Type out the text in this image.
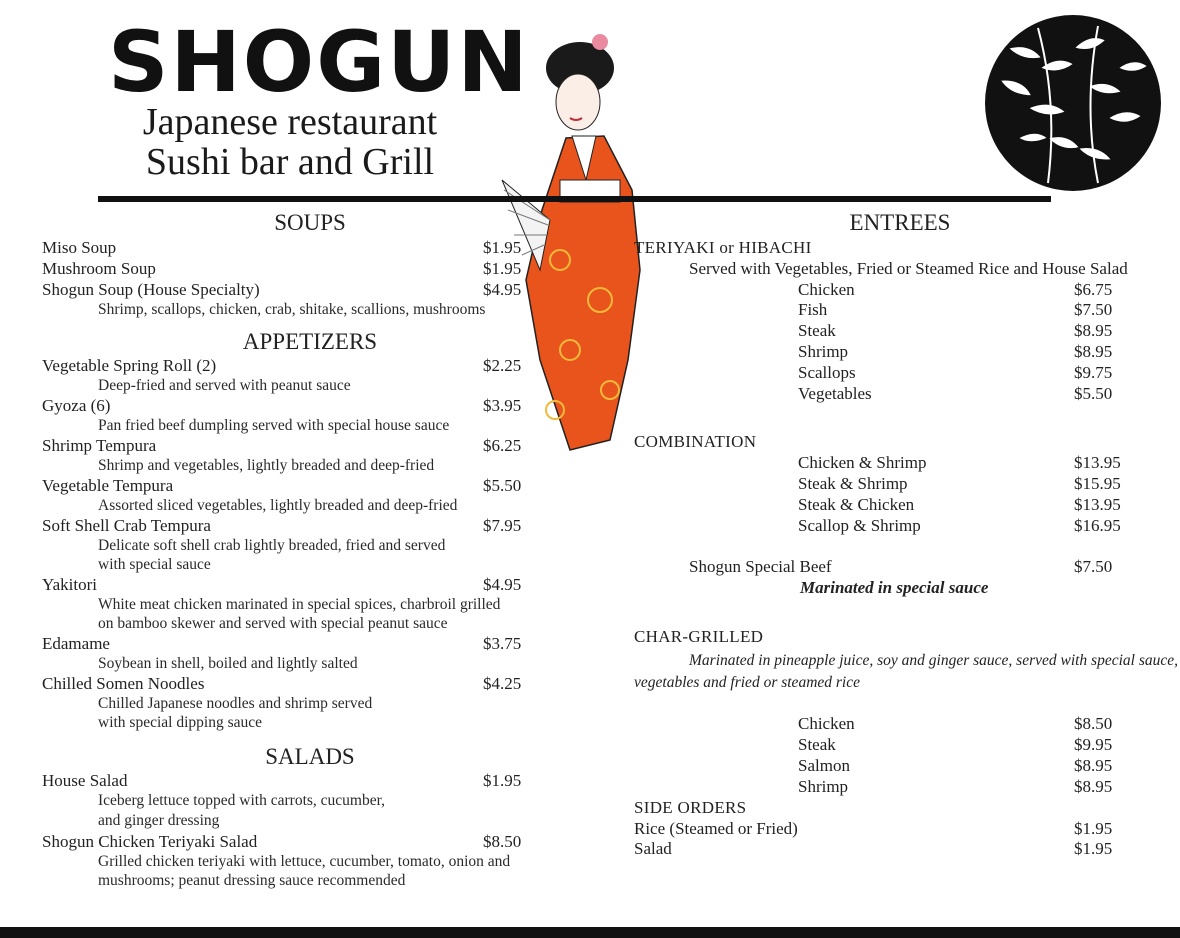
SHOGUN
Japanese restaurant
Sushi bar and Grill
SOUPS
Miso Soup	$1.95
Mushroom Soup	$1.95
Shogun Soup (House Specialty)	$4.95
Shrimp, scallops, chicken, crab, shitake, scallions, mushrooms
APPETIZERS
Vegetable Spring Roll (2)	$2.25
Deep-fried and served with peanut sauce
Gyoza (6)	$3.95
Pan fried beef dumpling served with special house sauce
Shrimp Tempura	$6.25
Shrimp and vegetables, lightly breaded and deep-fried
Vegetable Tempura	$5.50
Assorted sliced vegetables, lightly breaded and deep-fried
Soft Shell Crab Tempura	$7.95
Delicate soft shell crab lightly breaded, fried and served
with special sauce
Yakitori	$4.95
White meat chicken marinated in special spices, charbroil grilled
on bamboo skewer and served with special peanut sauce
Edamame	$3.75
Soybean in shell, boiled and lightly salted
Chilled Somen Noodles	$4.25
Chilled Japanese noodles and shrimp served
with special dipping sauce
SALADS
House Salad	$1.95
Iceberg lettuce topped with carrots, cucumber,
and ginger dressing
Shogun Chicken Teriyaki Salad	$8.50
Grilled chicken teriyaki with lettuce, cucumber, tomato, onion and
mushrooms; peanut dressing sauce recommended
ENTREES
TERIYAKI or HIBACHI
Served with Vegetables, Fried or Steamed Rice and House Salad
Chicken	$6.75
Fish	$7.50
Steak	$8.95
Shrimp	$8.95
Scallops	$9.75
Vegetables	$5.50
COMBINATION
Chicken & Shrimp	$13.95
Steak & Shrimp	$15.95
Steak & Chicken	$13.95
Scallop & Shrimp	$16.95
Shogun Special Beef	$7.50
Marinated in special sauce
CHAR-GRILLED
Marinated in pineapple juice, soy and ginger sauce, served with special sauce,
vegetables and fried or steamed rice
Chicken	$8.50
Steak	$9.95
Salmon	$8.95
Shrimp	$8.95
SIDE ORDERS
Rice (Steamed or Fried)	$1.95
Salad	$1.95
